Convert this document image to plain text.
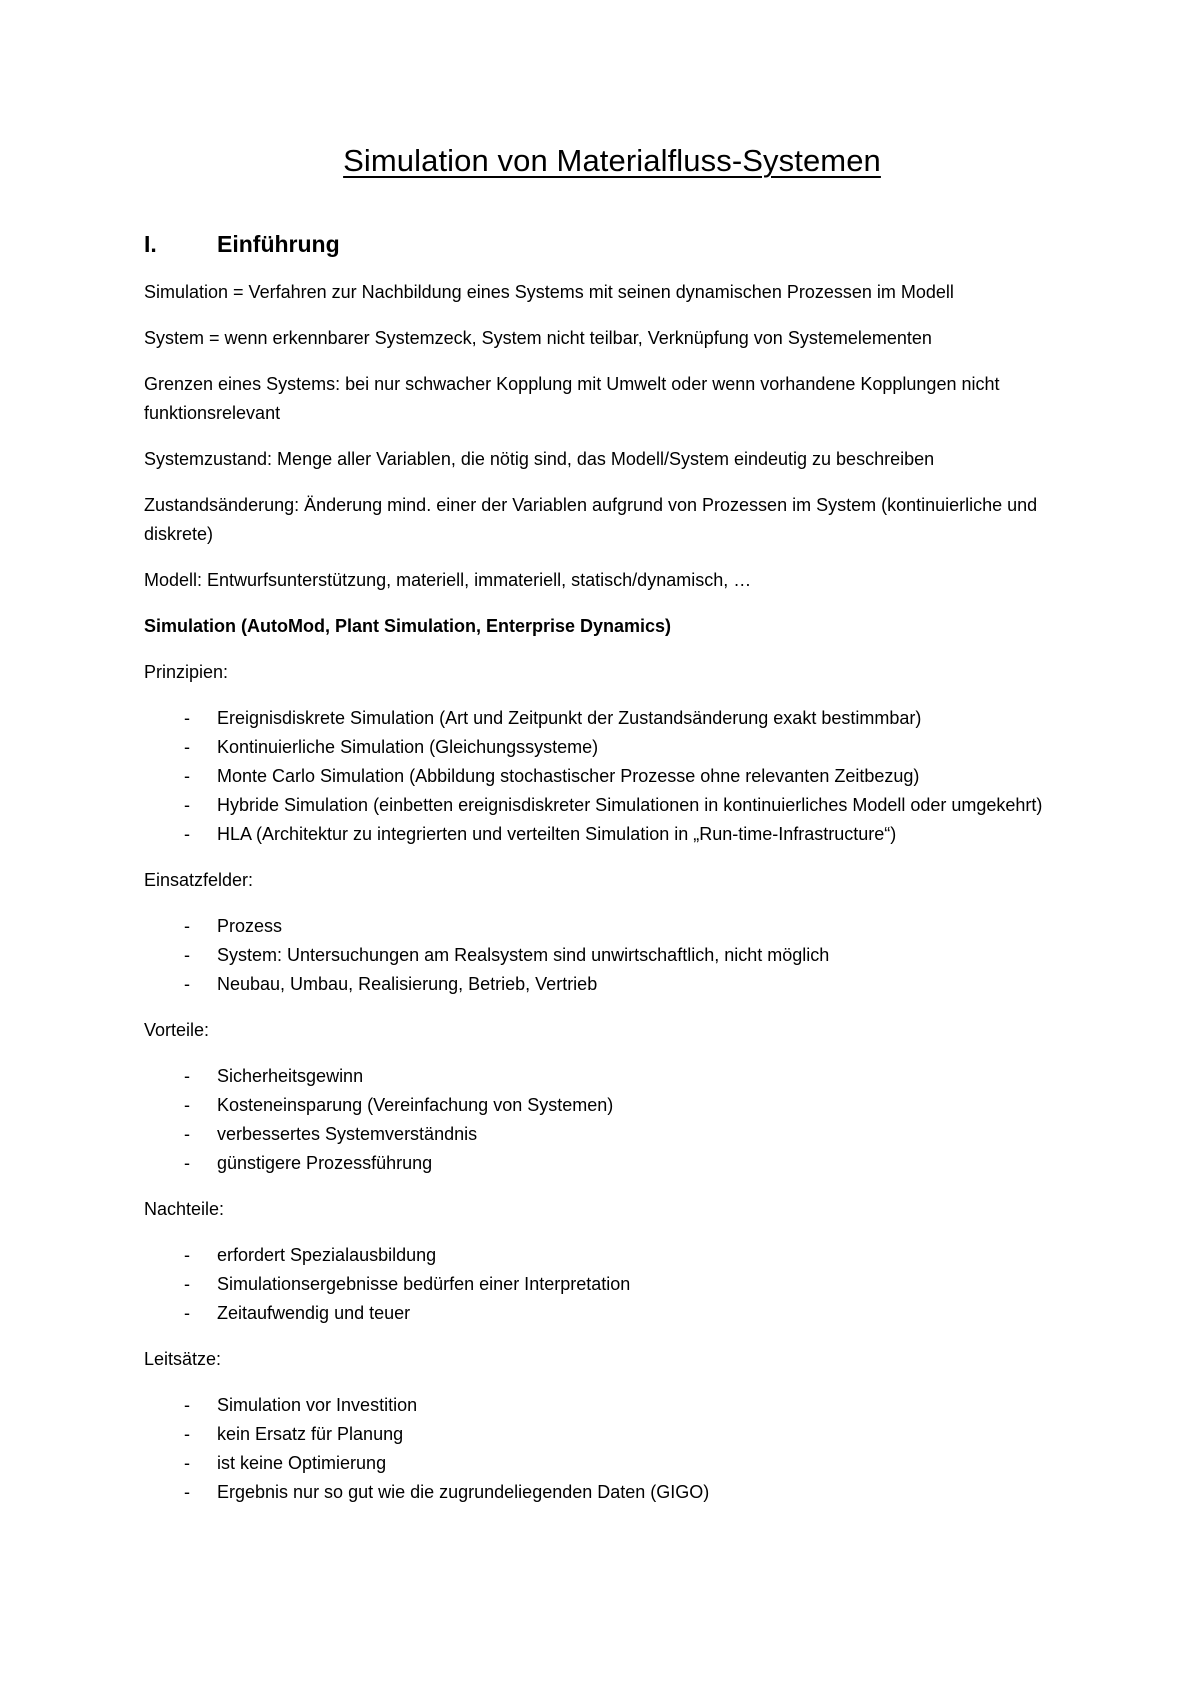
Simulation von Materialfluss-Systemen
I.	Einführung

Simulation = Verfahren zur Nachbildung eines Systems mit seinen dynamischen Prozessen im Modell

System = wenn erkennbarer Systemzeck, System nicht teilbar, Verknüpfung von Systemelementen

Grenzen eines Systems: bei nur schwacher Kopplung mit Umwelt oder wenn vorhandene Kopplungen nicht funktionsrelevant

Systemzustand: Menge aller Variablen, die nötig sind, das Modell/System eindeutig zu beschreiben

Zustandsänderung: Änderung mind. einer der Variablen aufgrund von Prozessen im System (kontinuierliche und diskrete)

Modell: Entwurfsunterstützung, materiell, immateriell, statisch/dynamisch, …

Simulation (AutoMod, Plant Simulation, Enterprise Dynamics)

Prinzipien:

-	Ereignisdiskrete Simulation (Art und Zeitpunkt der Zustandsänderung exakt bestimmbar)
-	Kontinuierliche Simulation (Gleichungssysteme)
-	Monte Carlo Simulation (Abbildung stochastischer Prozesse ohne relevanten Zeitbezug)
-	Hybride Simulation (einbetten ereignisdiskreter Simulationen in kontinuierliches Modell oder umgekehrt)
-	HLA (Architektur zu integrierten und verteilten Simulation in „Run-time-Infrastructure“)

Einsatzfelder:

-	Prozess
-	System: Untersuchungen am Realsystem sind unwirtschaftlich, nicht möglich
-	Neubau, Umbau, Realisierung, Betrieb, Vertrieb

Vorteile:

-	Sicherheitsgewinn
-	Kosteneinsparung (Vereinfachung von Systemen)
-	verbessertes Systemverständnis
-	günstigere Prozessführung

Nachteile:

-	erfordert Spezialausbildung
-	Simulationsergebnisse bedürfen einer Interpretation
-	Zeitaufwendig und teuer

Leitsätze:

-	Simulation vor Investition
-	kein Ersatz für Planung
-	ist keine Optimierung
-	Ergebnis nur so gut wie die zugrundeliegenden Daten (GIGO)
